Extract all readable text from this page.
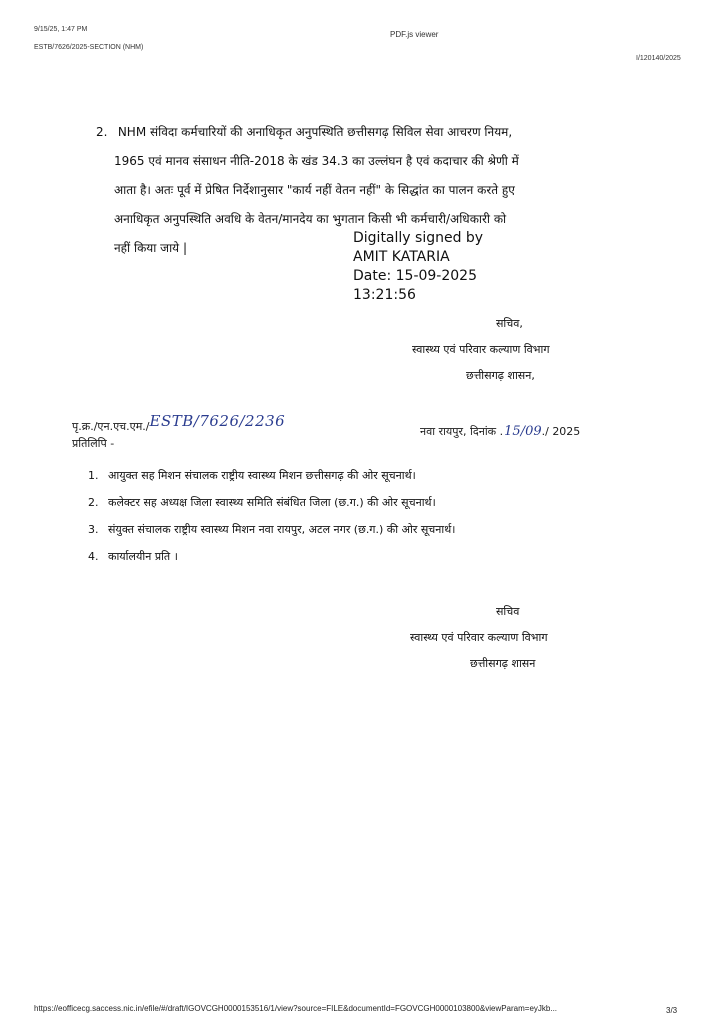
9/15/25, 1:47 PM
ESTB/7626/2025-SECTION (NHM)
PDF.js viewer
I/120140/2025
2. NHM संविदा कर्मचारियों की अनाधिकृत अनुपस्थिति छत्तीसगढ़ सिविल सेवा आचरण नियम,
1965 एवं मानव संसाधन नीति-2018 के खंड 34.3 का उल्लंघन है एवं कदाचार की श्रेणी में
आता है। अतः पूर्व में प्रेषित निर्देशानुसार "कार्य नहीं वेतन नहीं" के सिद्धांत का पालन करते हुए
अनाधिकृत अनुपस्थिति अवधि के वेतन/मानदेय का भुगतान किसी भी कर्मचारी/अधिकारी को
नहीं किया जाये |
Digitally signed by
AMIT KATARIA
Date: 15-09-2025
13:21:56
सचिव,
स्वास्थ्य एवं परिवार कल्याण विभाग
छत्तीसगढ़ शासन,
पृ.क्र./एन.एच.एम./ESTB/7626/2236
नवा रायपुर, दिनांक .15/09./ 2025
प्रतिलिपि -
1. आयुक्त सह मिशन संचालक राष्ट्रीय स्वास्थ्य मिशन छत्तीसगढ़ की ओर सूचनार्थ।
2. कलेक्टर सह अध्यक्ष जिला स्वास्थ्य समिति संबंधित जिला (छ.ग.) की ओर सूचनार्थ।
3. संयुक्त संचालक राष्ट्रीय स्वास्थ्य मिशन नवा रायपुर, अटल नगर (छ.ग.) की ओर सूचनार्थ।
4. कार्यालयीन प्रति ।
सचिव
स्वास्थ्य एवं परिवार कल्याण विभाग
छत्तीसगढ़ शासन
https://eofficecg.saccess.nic.in/efile/#/draft/IGOVCGH0000153516/1/view?source=FILE&documentId=FGOVCGH0000103800&viewParam=eyJkb...	3/3
